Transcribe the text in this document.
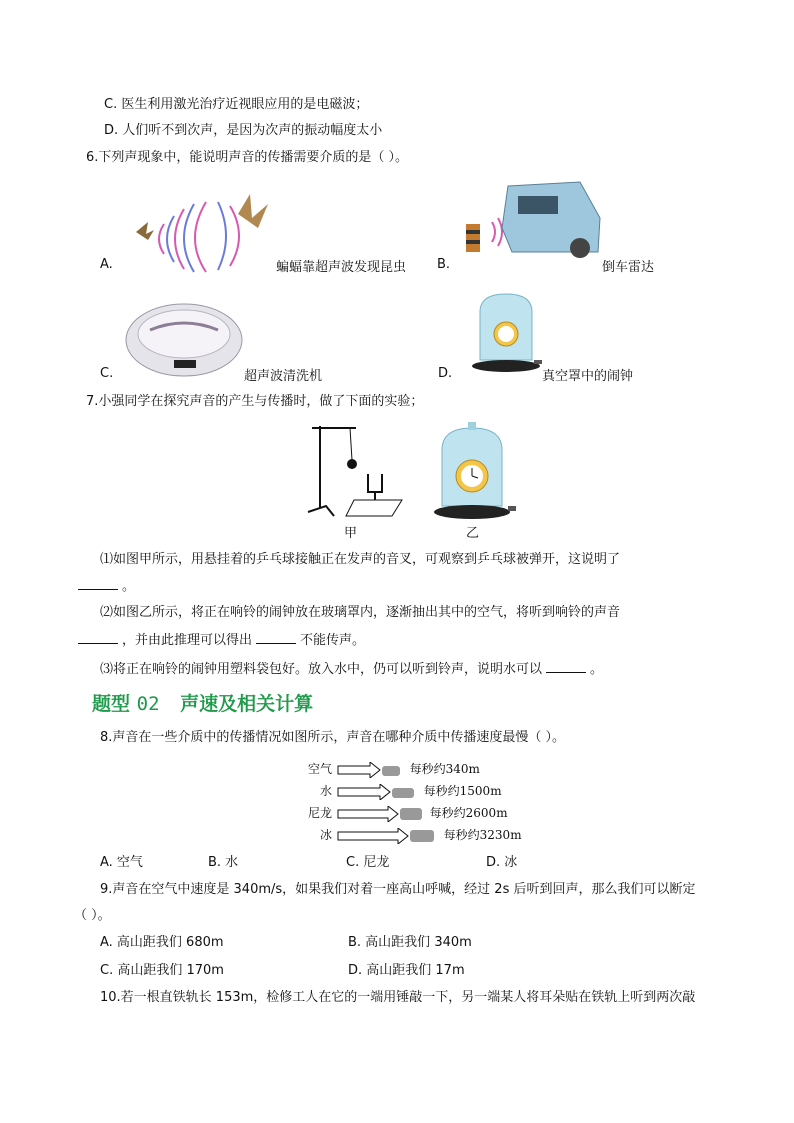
C. 医生利用激光治疗近视眼应用的是电磁波；
D. 人们听不到次声，是因为次声的振动幅度太小
6.下列声现象中，能说明声音的传播需要介质的是（ ）。
A.	蝙蝠靠超声波发现昆虫 B.	倒车雷达
C.	超声波清洗机	D.	真空罩中的闹钟
7.小强同学在探究声音的产生与传播时，做了下面的实验；
甲	乙
⑴如图甲所示，用悬挂着的乒乓球接触正在发声的音叉，可观察到乒乓球被弹开，这说明了
。
⑵如图乙所示，将正在响铃的闹钟放在玻璃罩内，逐渐抽出其中的空气，将听到响铃的声音
，并由此推理可以得出	不能传声。
⑶将正在响铃的闹钟用塑料袋包好。放入水中，仍可以听到铃声，说明水可以	。
题型 02 声速及相关计算
8.声音在一些介质中的传播情况如图所示，声音在哪种介质中传播速度最慢（ ）。
空气	每秒约340m
水	每秒约1500m
尼龙	每秒约2600m
冰	每秒约3230m
A. 空气	B. 水	C. 尼龙	D. 冰
9.声音在空气中速度是 340m/s，如果我们对着一座高山呼喊，经过 2s 后听到回声，那么我们可以断定
（ ）。
A. 高山距我们 680m	B. 高山距我们 340m
C. 高山距我们 170m	D. 高山距我们 17m
10.若一根直铁轨长 153m，检修工人在它的一端用锤敲一下，另一端某人将耳朵贴在铁轨上听到两次敲
